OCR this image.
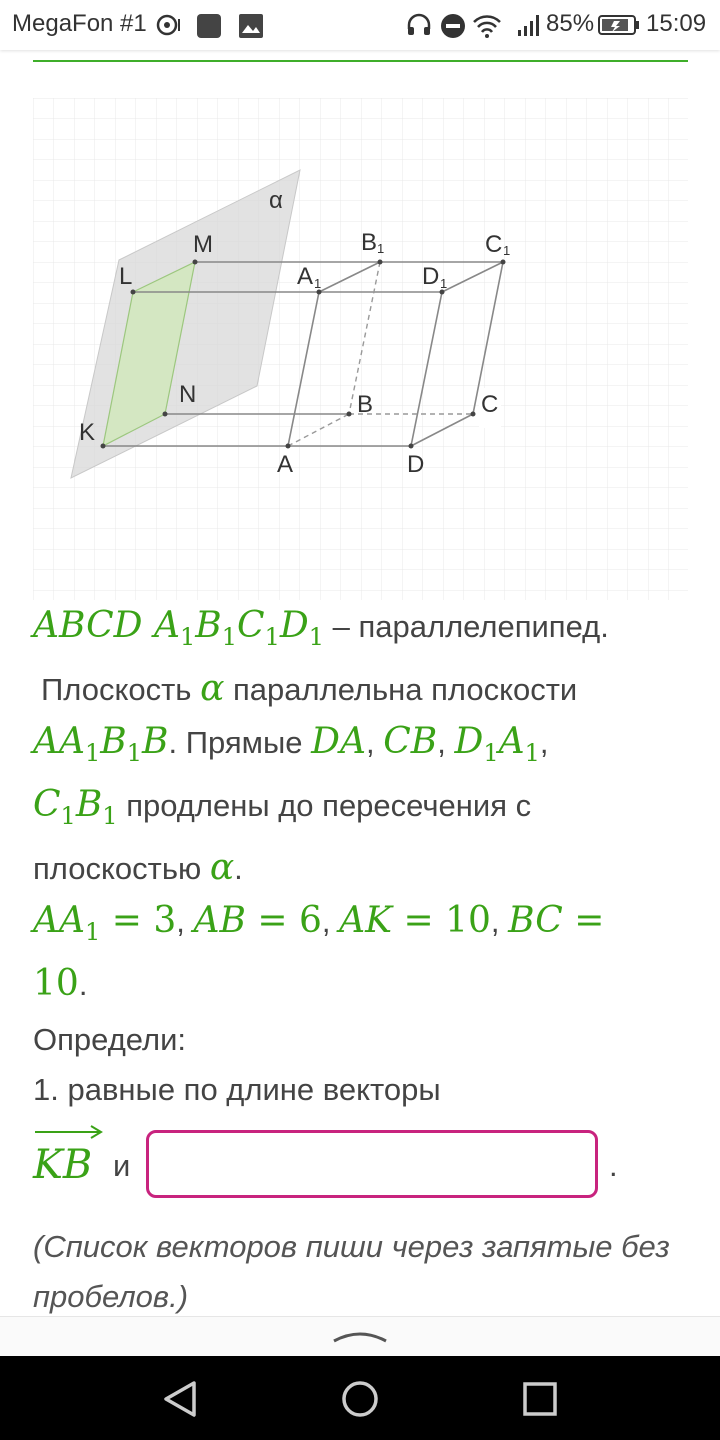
MegaFon #1	85% 15:09
α
M	B 1	C 1
L	A 1	D 1
N	B	C
K
A	D

ABCD $A_1B_1C_1D_1$ – параллелепипед.

Плоскость α параллельна плоскости

$AA_1B_1B$. Прямые DA, CB, $D_1A_1$,

$C_1B_1$ продлены до пересечения с

плоскостью α.

$AA_1 = 3$, AB = 6, AK = 10, BC =

10.

Определи:
1. равные по длине векторы
KB и	.
(Список векторов пиши через запятые без пробелов.)
